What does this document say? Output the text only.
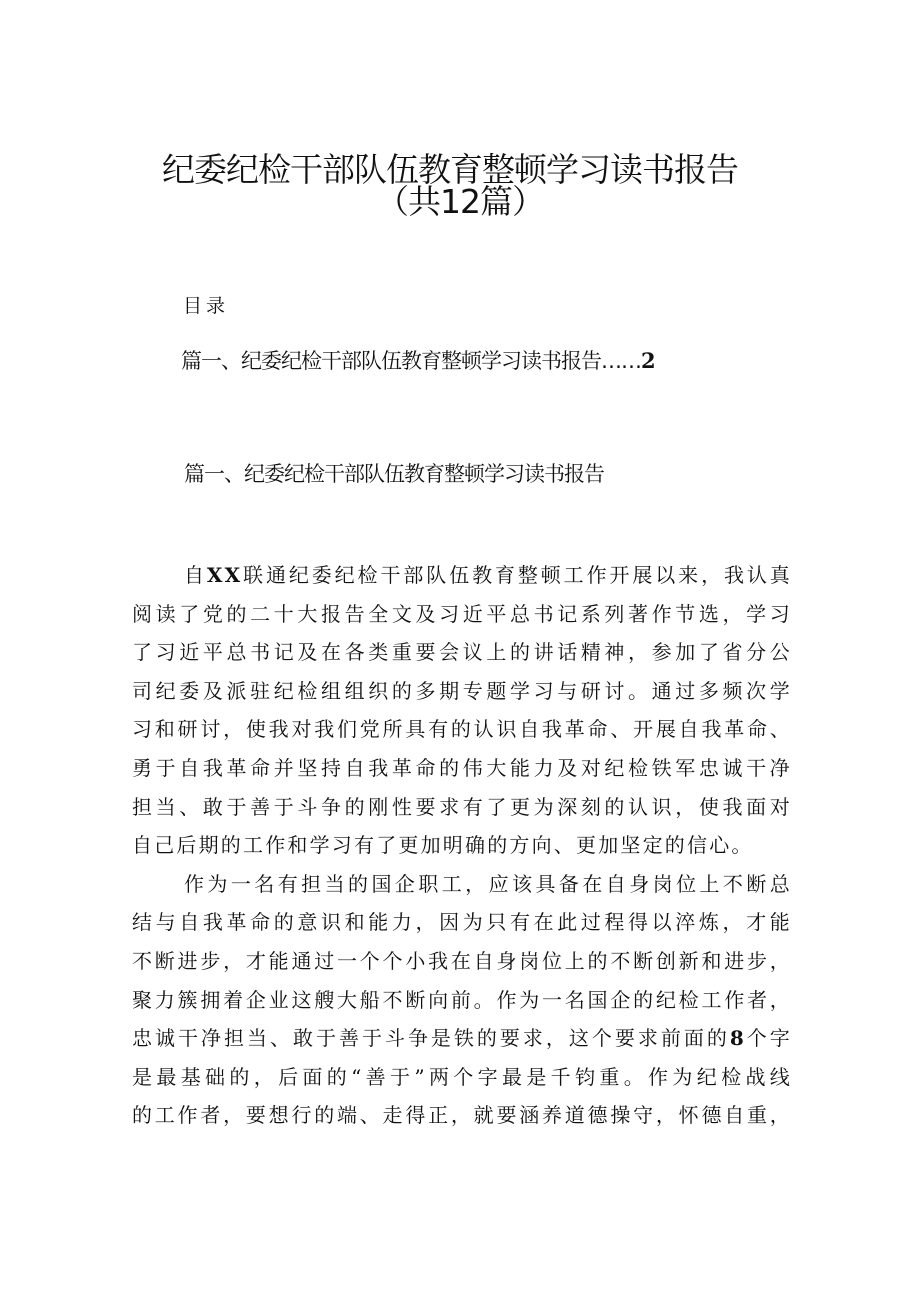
纪委纪检干部队伍教育整顿学习读书报告
（共12篇）
目录
篇一、纪委纪检干部队伍教育整顿学习读书报告……2
篇一、纪委纪检干部队伍教育整顿学习读书报告
自XX联通纪委纪检干部队伍教育整顿工作开展以来，我认真
阅读了党的二十大报告全文及习近平总书记系列著作节选，学习
了习近平总书记及在各类重要会议上的讲话精神，参加了省分公
司纪委及派驻纪检组组织的多期专题学习与研讨。通过多频次学
习和研讨，使我对我们党所具有的认识自我革命、开展自我革命、
勇于自我革命并坚持自我革命的伟大能力及对纪检铁军忠诚干净
担当、敢于善于斗争的刚性要求有了更为深刻的认识，使我面对
自己后期的工作和学习有了更加明确的方向、更加坚定的信心。
作为一名有担当的国企职工，应该具备在自身岗位上不断总
结与自我革命的意识和能力，因为只有在此过程得以淬炼，才能
不断进步，才能通过一个个小我在自身岗位上的不断创新和进步，
聚力簇拥着企业这艘大船不断向前。作为一名国企的纪检工作者，
忠诚干净担当、敢于善于斗争是铁的要求，这个要求前面的8个字
是最基础的，后面的“善于”两个字最是千钧重。作为纪检战线
的工作者，要想行的端、走得正，就要涵养道德操守，怀德自重，
